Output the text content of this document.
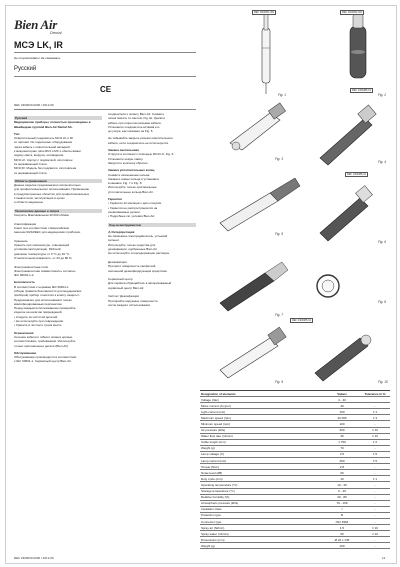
Bien Air
Dental
MCЭ LK, IR
Не стерилизовать! Не смазывать.
Русский
CE
REF 2300030-0000 / 2012.09
Русский

Медицинские приборы, полностью произведены в Швейцарии группой Bien-Air Dental SA.

Тип
Осветительный соединитель MCЭ LK и IR
со щёткам. Он подключает оборудование
через кабель с осветительной насадкой
к микромоторам типа MC3 и MX и обеспечивает
подачу света, воздуха, охлаждения.
MCЭ LK. Корпус с подсветкой, изготовлен
из нержавеющей стали.
MCЭ IR. Модель без подсветки, изготовлена
из нержавеющей стали.
Область применения
Данное изделие предназначено исключительно
для профессионального использования. Применение
в предусмотренных областях для профессиональных
стоматологов, эксплуатация в целях
и области медицины.
Технические данные и запуск
Скорость Максимальная 40 000 об/мин
Классификация
Класс Iа в соответствии с Европейским
законом 93/42/ЕЕС для медицинских приборов.
Хранение
Хранить при температуре, отвечающей
условиям эксплуатации. Рабочий
диапазон температуры от 0 °C до 40 °C.
Относительная влажность: от 20 до 80 %.
Электромагнитные поля
Электромагнитная совместимость согласно
IEC 60601-1-2.
Безопасность
В соответствии с нормами IEC 60601-1
(общие правила безопасности для медицинских
приборов) прибор относится к классу защиты I.
Предназначен для использования только
квалифицированным персоналом.
Перед каждым использованием проверяйте
изделие на наличие повреждений.
• Следите за чистотой деталей.
• Не используйте при повреждении.
• Храните в чистом и сухом месте.
Ограничения
Сечение кабеля и гибкого шланга должно
соответствовать требованиям. Используйте
только оригинальные детали (Bien-Air).
Обслуживание
Обслуживание производится в соответствии
с IEC 60601-1. Сервисный центр Bien-Air.
соединителя к шлангу Bien-Air. Снимите
шланг вместе со светом. Fig. Ш. Удалите
кабель при открытом разъёме кабеля.
Установите соединитель вставив его
до упора, как показано на Fig. 5.
Не забывайте закрыть разъём осветительного
кабеля, если соединитель не используется.
Замена светильника
Открутите колпачок с помощью MCЭ LK, Fig. 6.
Установите новую лампу.
Закрутите колпачок обратно.
Замена уплотнительных колец
Снимите изношенные кольца.
Смажьте новые кольца и установите
в канавки. Fig. 7 и Fig. 8.
Используйте только оригинальные
уплотнительные кольца Bien-Air.
Гарантия
• Гарантия 12 месяцев с даты покупки.
• Гарантия не распространяется на
изнашиваемые детали.
• Подробнее см. условия Bien-Air.
Ход за инструментом
⚠ Интерпретация
Не смазывать электродвигатель, устьевой
сегмент.
Используйте только средства для
дезинфекции, одобренные Bien-Air.
Не используйте хлорсодержащие растворы.
Дезинфекция
Протрите поверхность салфеткой,
смоченной дезинфицирующим средством.
Сервисный центр
Для сервиса обращайтесь в авторизованный
сервисный центр Bien-Air.
Чистка / Дезинфекция
Протирайте наружные поверхности
после каждого использования.
REF 1600051-001
Fig. 1
REF 1600052-001
Fig. 2
Fig. 3
REF 1300385-01
Fig. 4
Fig. 5
REF 1300385-01
Fig. 6
Fig. 7
Fig. 8
REF 1300385-01
Fig. 9	Fig. 10
Designation of elements	Values	Tolerance in %
Voltage (Vac)	4 - 40	
Motor current (A) (per)	40	-
Light current (mA)	150	± 1
Maximum speed (rpm)	40 000	± 3
Minimum speed (rpm)	100	-
Air pressure (kPa)	200	± 10
Water flow rate (ml/min)	45	± 10
Cable length (mm)	1 750	± 2
Weight (g)	70	-
Lamp voltage (V)	3.5	± 5
Lamp current (mA)	250	± 5
Torque (Ncm)	2.8	-
Noise level (dB)	60	-
Duty cycle (min)	10	± 1
Operating temperature (°C)	10 - 40	-
Storage temperature (°C)	0 - 40	-
Relative humidity (%)	20 - 80	-
Atmospheric pressure (kPa)	70 - 106	-
Insulation class	I	-
Protection type	B	-
Connector type	ISO 3964	-
Spray air (Nl/min)	1.5	± 10
Spray water (ml/min)	50	± 10
Dimensions (mm)	Ø 22 x 145	-
Weight (g)	100	-
REF 2300030-0000 / 2012.09	12
